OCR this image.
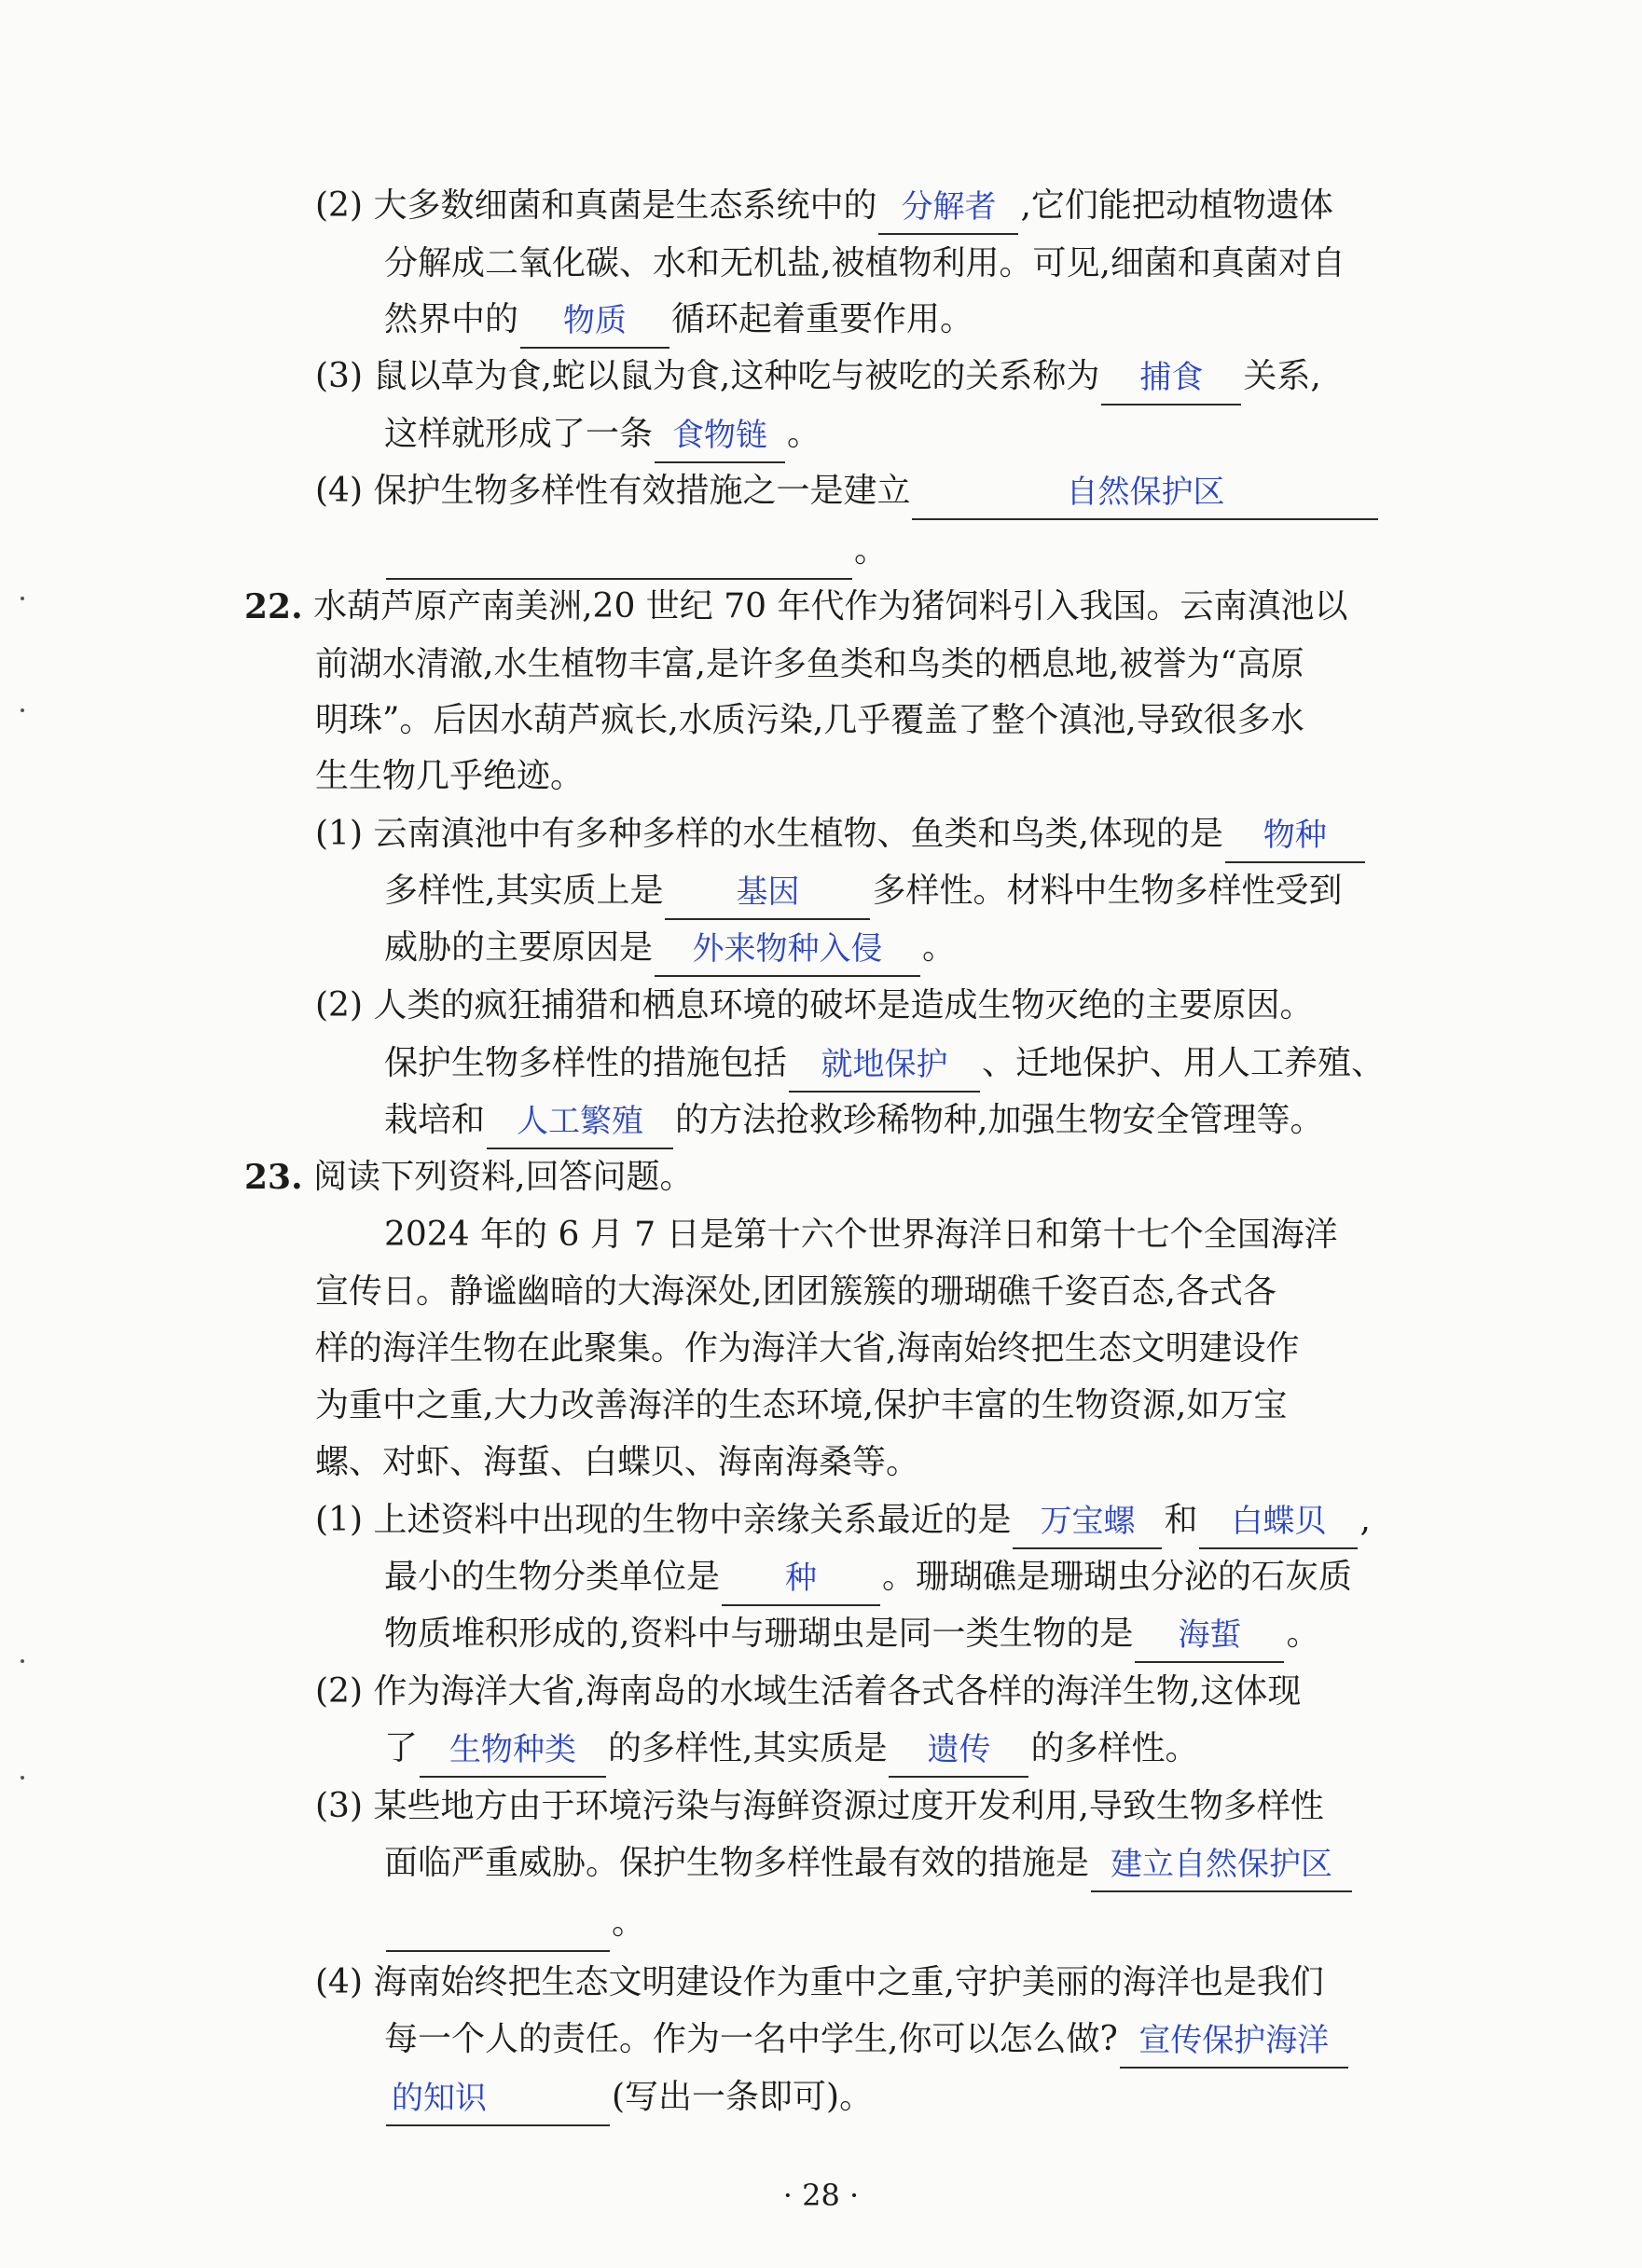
(2) 大多数细菌和真菌是生态系统中的 分解者 ,它们能把动植物遗体
分解成二氧化碳、水和无机盐,被植物利用。可见,细菌和真菌对自
然界中的	物质	循环起着重要作用。
(3) 鼠以草为食,蛇以鼠为食,这种吃与被吃的关系称为	捕食	关系,
这样就形成了一条 食物链 。
(4) 保护生物多样性有效措施之一是建立	自然保护区
。
22. 水葫芦原产南美洲,20 世纪 70 年代作为猪饲料引入我国。云南滇池以
前湖水清澈,水生植物丰富,是许多鱼类和鸟类的栖息地,被誉为“高原
明珠”。后因水葫芦疯长,水质污染,几乎覆盖了整个滇池,导致很多水
生生物几乎绝迹。
(1) 云南滇池中有多种多样的水生植物、鱼类和鸟类,体现的是	物种
多样性,其实质上是	基因	多样性。材料中生物多样性受到
威胁的主要原因是	外来物种入侵	。
(2) 人类的疯狂捕猎和栖息环境的破坏是造成生物灭绝的主要原因。
保护生物多样性的措施包括	就地保护	、迁地保护、用人工养殖、
栽培和	人工繁殖 的方法抢救珍稀物种,加强生物安全管理等。
23. 阅读下列资料,回答问题。
2024 年的 6 月 7 日是第十六个世界海洋日和第十七个全国海洋
宣传日。静谧幽暗的大海深处,团团簇簇的珊瑚礁千姿百态,各式各
样的海洋生物在此聚集。作为海洋大省,海南始终把生态文明建设作
为重中之重,大力改善海洋的生态环境,保护丰富的生物资源,如万宝
螺、对虾、海蜇、白蝶贝、海南海桑等。
(1) 上述资料中出现的生物中亲缘关系最近的是 万宝螺 和	白蝶贝	,
最小的生物分类单位是	种	。珊瑚礁是珊瑚虫分泌的石灰质
物质堆积形成的,资料中与珊瑚虫是同一类生物的是	海蜇	。
(2) 作为海洋大省,海南岛的水域生活着各式各样的海洋生物,这体现
了	生物种类 的多样性,其实质是	遗传	的多样性。
(3) 某些地方由于环境污染与海鲜资源过度开发利用,导致生物多样性
面临严重威胁。保护生物多样性最有效的措施是 建立自然保护区
。
(4) 海南始终把生态文明建设作为重中之重,守护美丽的海洋也是我们
每一个人的责任。作为一名中学生,你可以怎么做? 宣传保护海洋
的知识	(写出一条即可)。
· 28 ·
